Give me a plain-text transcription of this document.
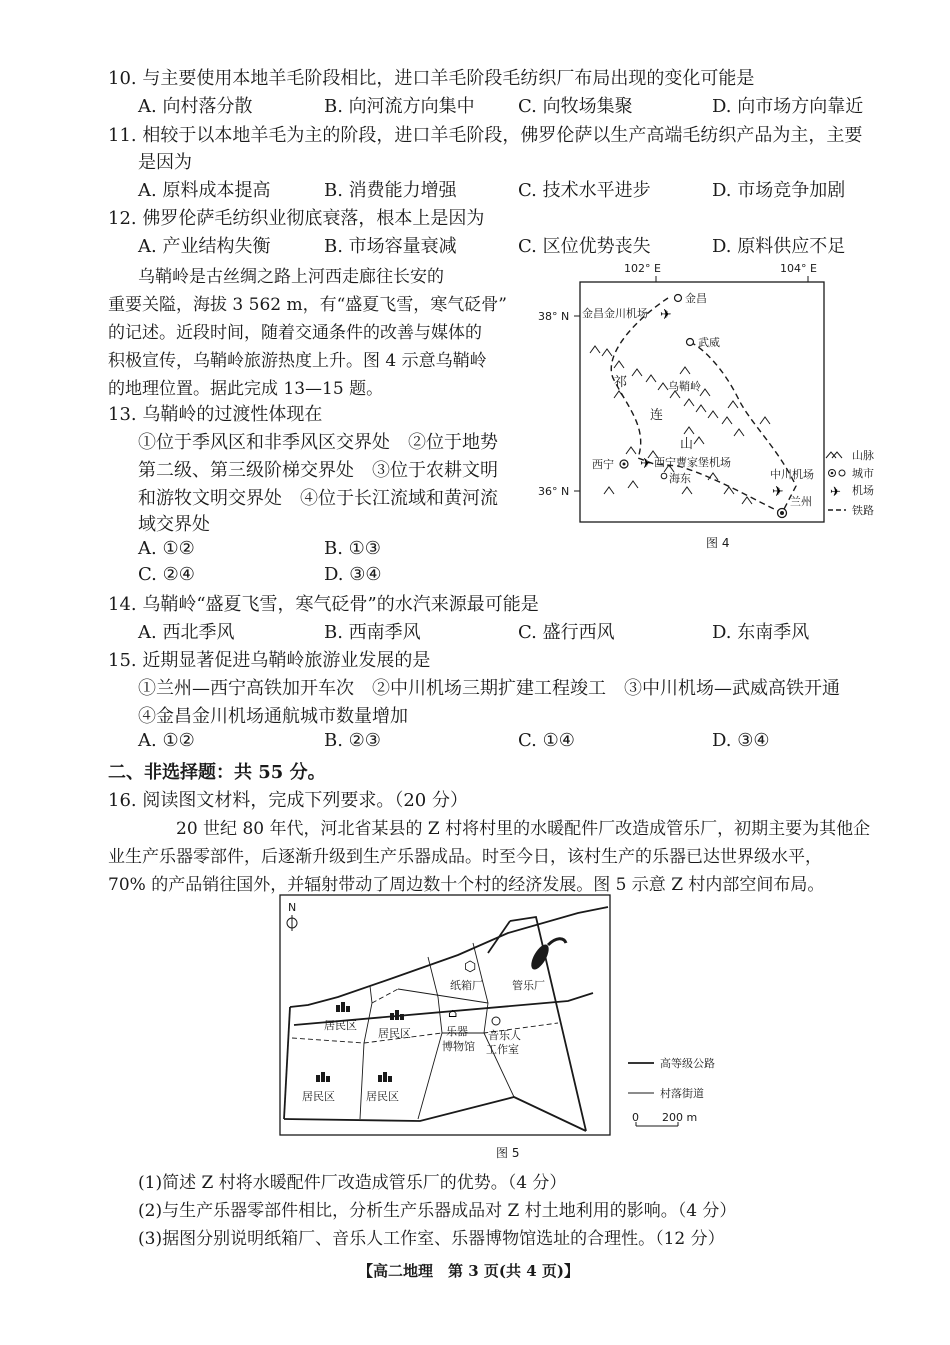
10. 与主要使用本地羊毛阶段相比，进口羊毛阶段毛纺织厂布局出现的变化可能是
A. 向村落分散	B. 向河流方向集中 C. 向牧场集聚	D. 向市场方向靠近
11. 相较于以本地羊毛为主的阶段，进口羊毛阶段，佛罗伦萨以生产高端毛纺织产品为主，主要
是因为
A. 原料成本提高	B. 消费能力增强	C. 技术水平进步	D. 市场竞争加剧
12. 佛罗伦萨毛纺织业彻底衰落，根本上是因为
A. 产业结构失衡	B. 市场容量衰减	C. 区位优势丧失	D. 原料供应不足
乌鞘岭是古丝绸之路上河西走廊往长安的
重要关隘，海拔 3 562 m，有“盛夏飞雪，寒气砭骨”
的记述。近段时间，随着交通条件的改善与媒体的
积极宣传，乌鞘岭旅游热度上升。图 4 示意乌鞘岭
的地理位置。据此完成 13—15 题。
13. 乌鞘岭的过渡性体现在
①位于季风区和非季风区交界处　②位于地势
第二级、第三级阶梯交界处　③位于农耕文明
和游牧文明交界处　④位于长江流域和黄河流
域交界处
A. ①②	B. ①③
C. ②④	D. ③④
14. 乌鞘岭“盛夏飞雪，寒气砭骨”的水汽来源最可能是
A. 西北季风	B. 西南季风	C. 盛行西风	D. 东南季风
15. 近期显著促进乌鞘岭旅游业发展的是
①兰州—西宁高铁加开车次　②中川机场三期扩建工程竣工　③中川机场—武威高铁开通
④金昌金川机场通航城市数量增加
A. ①②	B. ②③	C. ①④	D. ③④
二、非选择题：共 55 分。
16. 阅读图文材料，完成下列要求。（20 分）
20 世纪 80 年代，河北省某县的 Z 村将村里的水暖配件厂改造成管乐厂，初期主要为其他企
业生产乐器零部件，后逐渐升级到生产乐器成品。时至今日，该村生产的乐器已达世界级水平，
70% 的产品销往国外，并辐射带动了周边数十个村的经济发展。图 5 示意 Z 村内部空间布局。
102° E	104° E
38° N
36° N
祁
连
山
金昌
金昌金川机场 ✈
武威
乌鞘岭
西宁 ✈ 西宁曹家堡机场
海东	中川机场
✈
兰州
山脉
城市
✈ 机场
铁路
图 4
N
⬡
纸箱厂	管乐厂
⌂
乐器
博物馆
音乐人
工作室
居民区
居民区
居民区	居民区
高等级公路
村落街道
0 200 m
图 5
(1)简述 Z 村将水暖配件厂改造成管乐厂的优势。（4 分）
(2)与生产乐器零部件相比，分析生产乐器成品对 Z 村土地利用的影响。（4 分）
(3)据图分别说明纸箱厂、音乐人工作室、乐器博物馆选址的合理性。（12 分）
【高二地理　第 3 页(共 4 页)】
